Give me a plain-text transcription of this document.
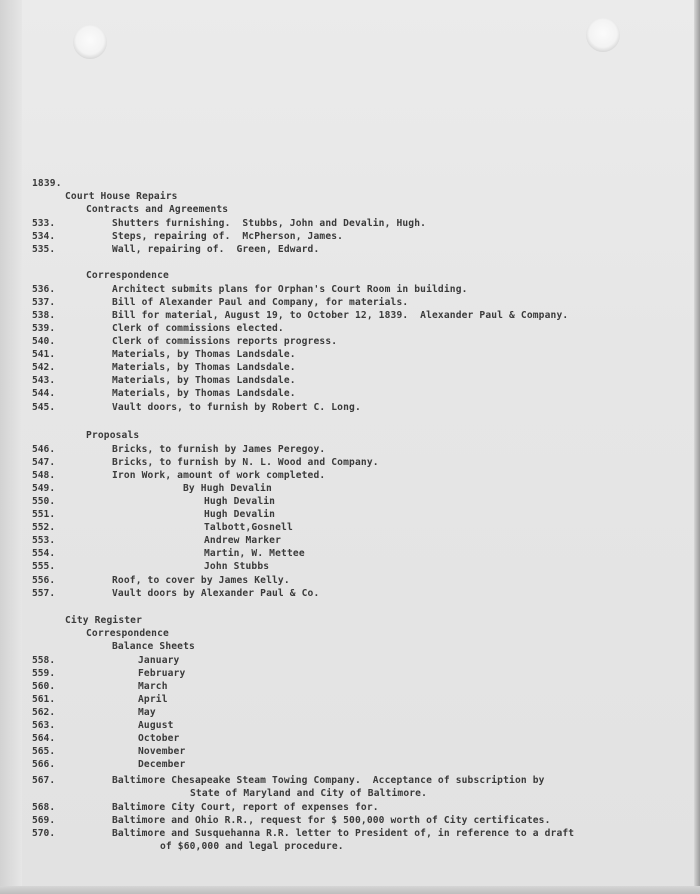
1839.
Court House Repairs
Contracts and Agreements
533.	Shutters furnishing.  Stubbs, John and Devalin, Hugh.
534.	Steps, repairing of.  McPherson, James.
535.	Wall, repairing of.  Green, Edward.
Correspondence
536.	Architect submits plans for Orphan's Court Room in building.
537.	Bill of Alexander Paul and Company, for materials.
538.	Bill for material, August 19, to October 12, 1839.  Alexander Paul & Company.
539.	Clerk of commissions elected.
540.	Clerk of commissions reports progress.
541.	Materials, by Thomas Landsdale.
542.	Materials, by Thomas Landsdale.
543.	Materials, by Thomas Landsdale.
544.	Materials, by Thomas Landsdale.
545.	Vault doors, to furnish by Robert C. Long.
Proposals
546.	Bricks, to furnish by James Peregoy.
547.	Bricks, to furnish by N. L. Wood and Company.
548.	Iron Work, amount of work completed.
549.	By Hugh Devalin
550.	Hugh Devalin
551.	Hugh Devalin
552.	Talbott,Gosnell
553.	Andrew Marker
554.	Martin, W. Mettee
555.	John Stubbs
556.	Roof, to cover by James Kelly.
557.	Vault doors by Alexander Paul & Co.
City Register
Correspondence
Balance Sheets
558.	January
559.	February
560.	March
561.	April
562.	May
563.	August
564.	October
565.	November
566.	December
567.	Baltimore Chesapeake Steam Towing Company.  Acceptance of subscription by
State of Maryland and City of Baltimore.
568.	Baltimore City Court, report of expenses for.
569.	Baltimore and Ohio R.R., request for $ 500,000 worth of City certificates.
570.	Baltimore and Susquehanna R.R. letter to President of, in reference to a draft
of $60,000 and legal procedure.
